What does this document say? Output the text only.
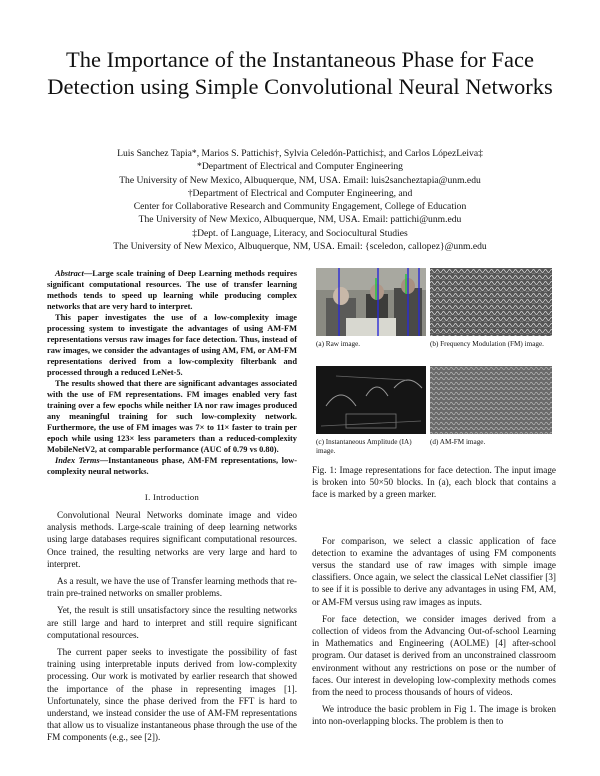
The Importance of the Instantaneous Phase for Face Detection using Simple Convolutional Neural Networks
Luis Sanchez Tapia*, Marios S. Pattichis†, Sylvia Celedón-Pattichis‡, and Carlos LópezLeiva‡
*Department of Electrical and Computer Engineering
The University of New Mexico, Albuquerque, NM, USA. Email: luis2sancheztapia@unm.edu
†Department of Electrical and Computer Engineering, and
Center for Collaborative Research and Community Engagement, College of Education
The University of New Mexico, Albuquerque, NM, USA. Email: pattichi@unm.edu
‡Dept. of Language, Literacy, and Sociocultural Studies
The University of New Mexico, Albuquerque, NM, USA. Email: {sceledon, callopez}@unm.edu

Abstract—Large scale training of Deep Learning methods requires significant computational resources. The use of transfer learning methods tends to speed up learning while producing complex networks that are very hard to interpret.

This paper investigates the use of a low-complexity image processing system to investigate the advantages of using AM-FM representations versus raw images for face detection. Thus, instead of raw images, we consider the advantages of using AM, FM, or AM-FM representations derived from a low-complexity filterbank and processed through a reduced LeNet-5.

The results showed that there are significant advantages associated with the use of FM representations. FM images enabled very fast training over a few epochs while neither IA nor raw images produced any meaningful training for such low-complexity network. Furthermore, the use of FM images was 7× to 11× faster to train per epoch while using 123× less parameters than a reduced-complexity MobileNetV2, at comparable performance (AUC of 0.79 vs 0.80).

Index Terms—Instantaneous phase, AM-FM representations, low-complexity neural networks.

I. Introduction

Convolutional Neural Networks dominate image and video analysis methods. Large-scale training of deep learning networks using large databases requires significant computational resources. Once trained, the resulting networks are very large and hard to interpret.

As a result, we have the use of Transfer learning methods that re-train pre-trained networks on smaller problems.

Yet, the result is still unsatisfactory since the resulting networks are still large and hard to interpret and still require significant computational resources.

The current paper seeks to investigate the possibility of fast training using interpretable inputs derived from low-complexity processing. Our work is motivated by earlier research that showed the importance of the phase in representing images [1]. Unfortunately, since the phase derived from the FFT is hard to understand, we instead consider the use of AM-FM representations that allow us to visualize instantaneous phase through the use of the FM components (e.g., see [2]).

(a) Raw image.	(b) Frequency Modulation (FM) image.
(c) Instantaneous Amplitude (IA) image.
(d) AM-FM image.

Fig. 1: Image representations for face detection. The input image is broken into 50×50 blocks. In (a), each block that contains a face is marked by a green marker.

For comparison, we select a classic application of face detection to examine the advantages of using FM components versus the standard use of raw images with simple image classifiers. Once again, we select the classical LeNet classifier [3] to see if it is possible to derive any advantages in using FM, AM, or AM-FM versus using raw images as inputs.

For face detection, we consider images derived from a collection of videos from the Advancing Out-of-school Learning in Mathematics and Engineering (AOLME) [4] after-school program. Our dataset is derived from an unconstrained classroom environment without any restrictions on pose or the number of faces. Our interest in developing low-complexity methods comes from the need to process thousands of hours of videos.

We introduce the basic problem in Fig 1. The image is broken into non-overlapping blocks. The problem is then to
